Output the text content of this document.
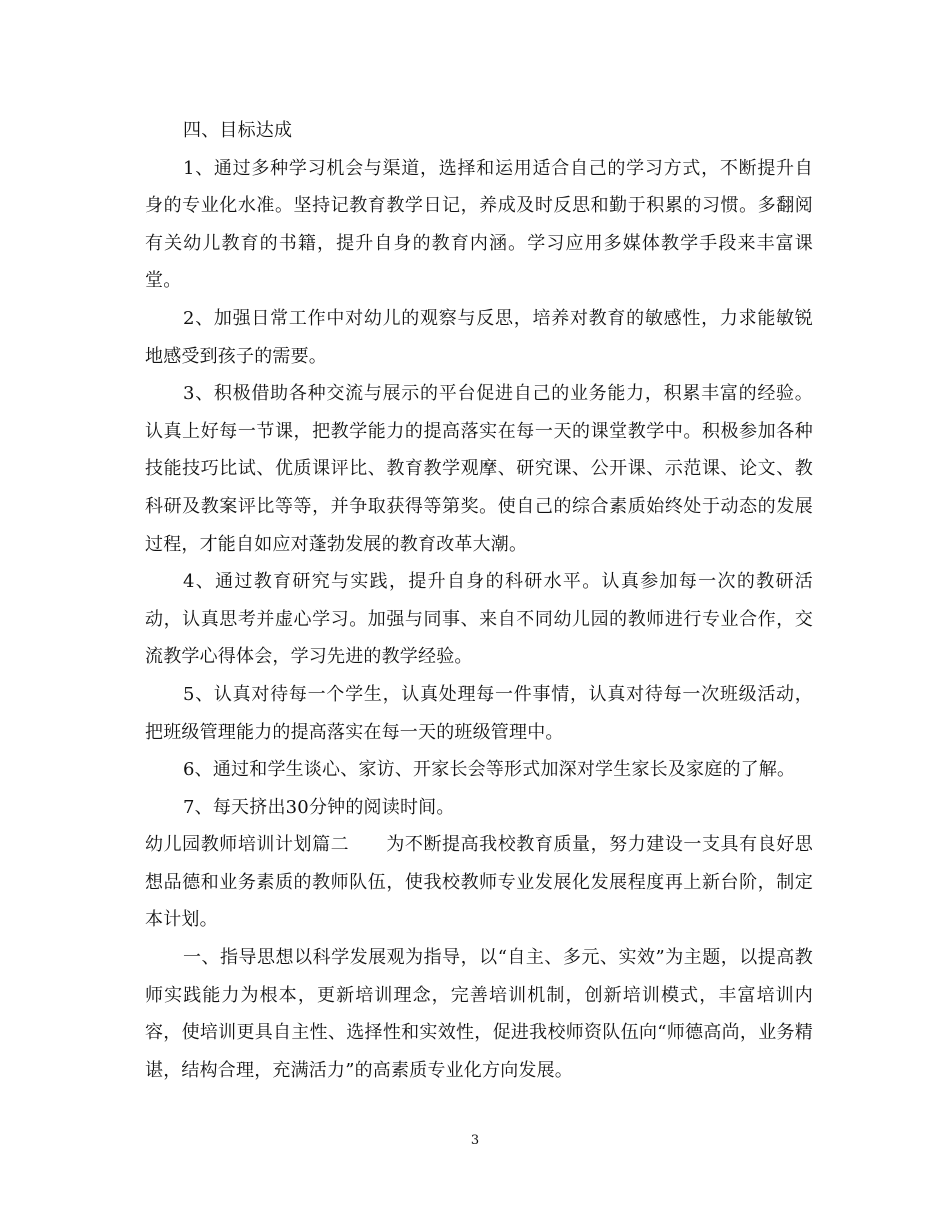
四、目标达成

1、通过多种学习机会与渠道，选择和运用适合自己的学习方式，不断提升自身的专业化水准。坚持记教育教学日记，养成及时反思和勤于积累的习惯。多翻阅有关幼儿教育的书籍，提升自身的教育内涵。学习应用多媒体教学手段来丰富课堂。

2、加强日常工作中对幼儿的观察与反思，培养对教育的敏感性，力求能敏锐地感受到孩子的需要。

3、积极借助各种交流与展示的平台促进自己的业务能力，积累丰富的经验。认真上好每一节课，把教学能力的提高落实在每一天的课堂教学中。积极参加各种技能技巧比试、优质课评比、教育教学观摩、研究课、公开课、示范课、论文、教科研及教案评比等等，并争取获得等第奖。使自己的综合素质始终处于动态的发展过程，才能自如应对蓬勃发展的教育改革大潮。

4、通过教育研究与实践，提升自身的科研水平。认真参加每一次的教研活动，认真思考并虚心学习。加强与同事、来自不同幼儿园的教师进行专业合作，交流教学心得体会，学习先进的教学经验。

5、认真对待每一个学生，认真处理每一件事情，认真对待每一次班级活动，把班级管理能力的提高落实在每一天的班级管理中。

6、通过和学生谈心、家访、开家长会等形式加深对学生家长及家庭的了解。

7、每天挤出30分钟的阅读时间。

幼儿园教师培训计划篇二　　为不断提高我校教育质量，努力建设一支具有良好思想品德和业务素质的教师队伍，使我校教师专业发展化发展程度再上新台阶，制定本计划。

一、指导思想以科学发展观为指导，以“自主、多元、实效”为主题，以提高教师实践能力为根本，更新培训理念，完善培训机制，创新培训模式，丰富培训内容，使培训更具自主性、选择性和实效性，促进我校师资队伍向“师德高尚，业务精谌，结构合理，充满活力”的高素质专业化方向发展。

3
